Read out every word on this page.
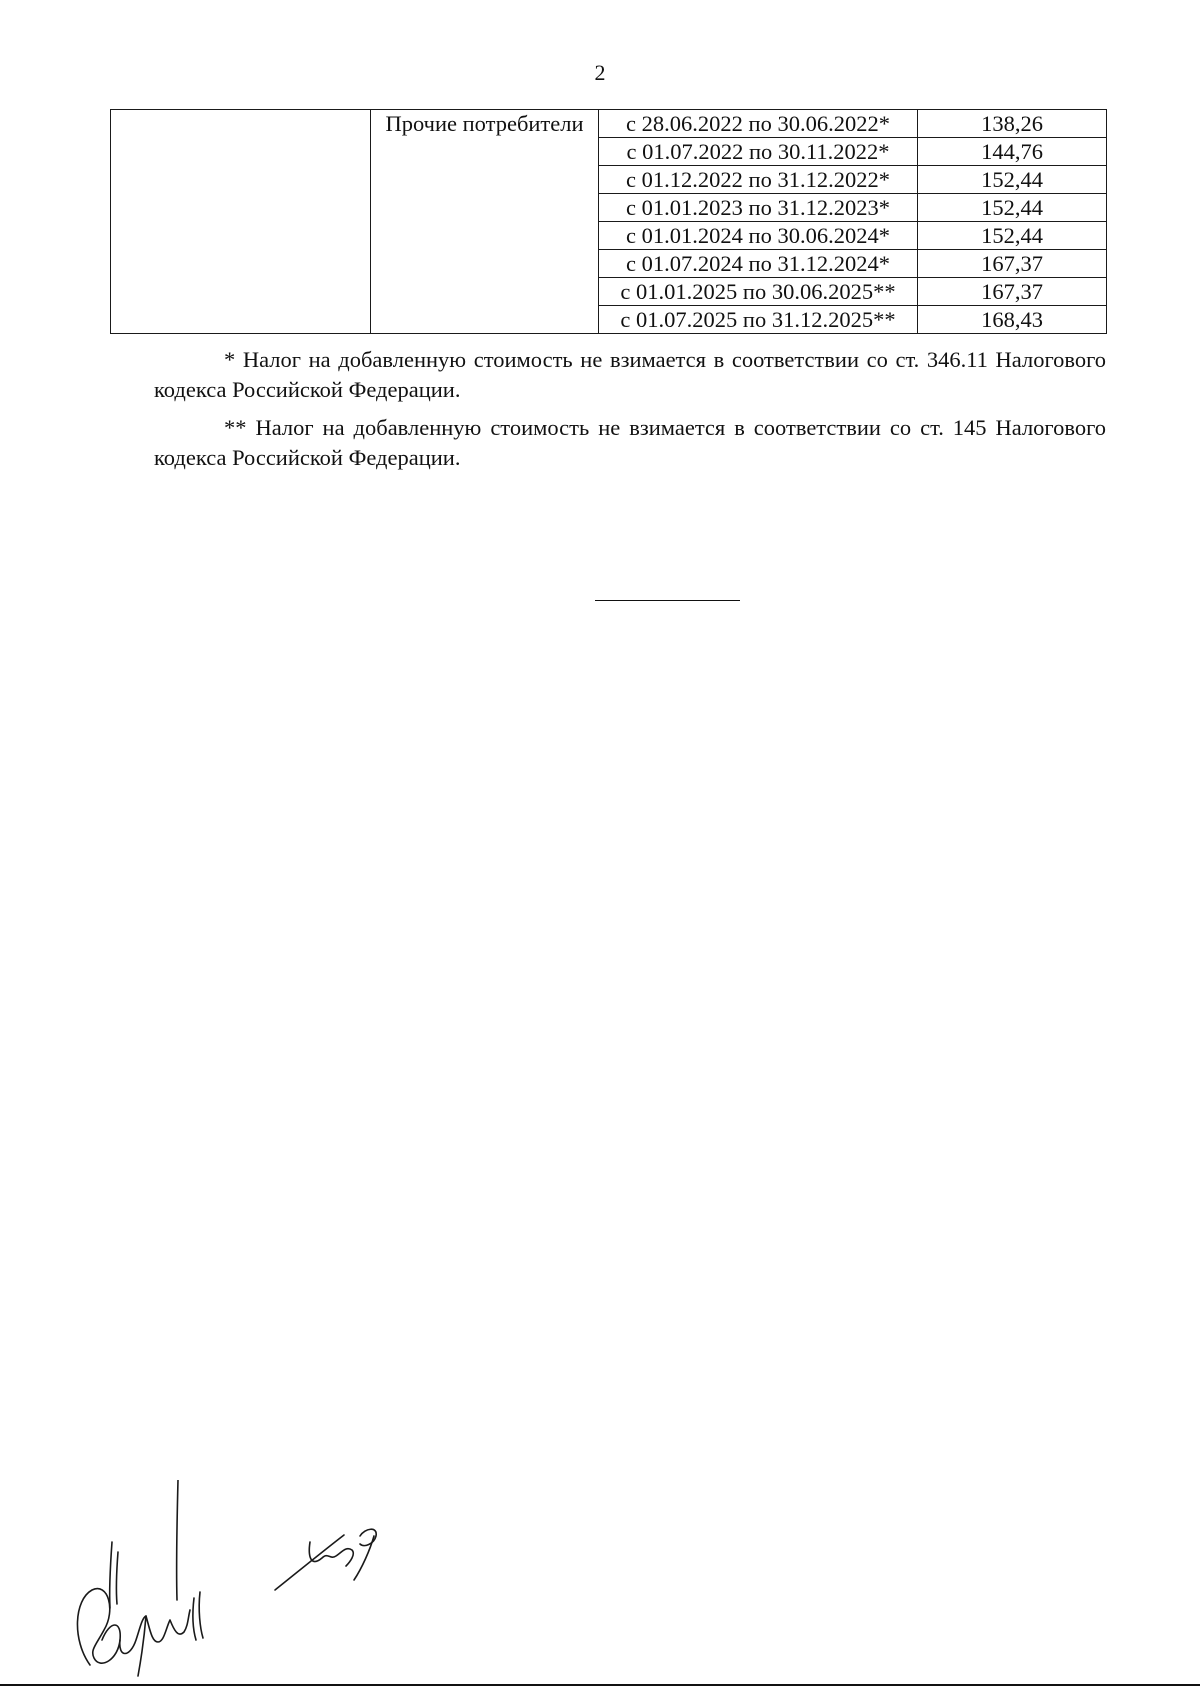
2
	Прочие потребители	с 28.06.2022 по 30.06.2022*	138,26
		с 01.07.2022 по 30.11.2022*	144,76
		с 01.12.2022 по 31.12.2022*	152,44
		с 01.01.2023 по 31.12.2023*	152,44
		с 01.01.2024 по 30.06.2024*	152,44
		с 01.07.2024 по 31.12.2024*	167,37
		с 01.01.2025 по 30.06.2025**	167,37
		с 01.07.2025 по 31.12.2025**	168,43

* Налог на добавленную стоимость не взимается в соответствии со ст. 346.11 Налогового кодекса Российской Федерации.

** Налог на добавленную стоимость не взимается в соответствии со ст. 145 Налогового кодекса Российской Федерации.
